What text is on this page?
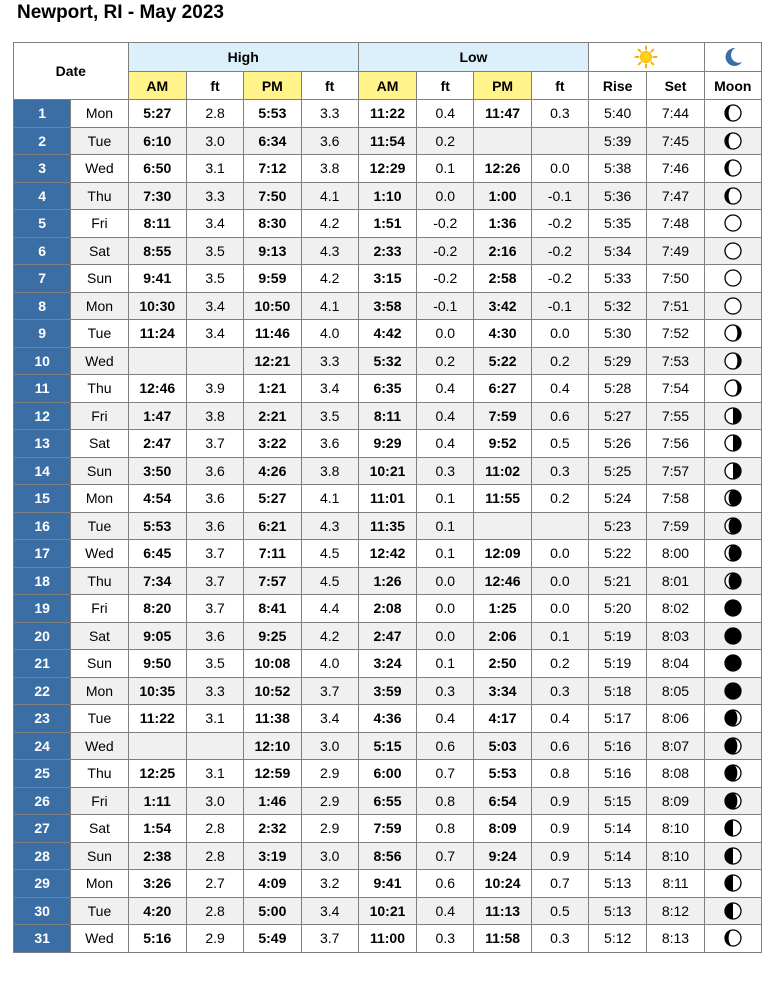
Newport, RI - May 2023
Date		High				Low	

		AM	ft	PM	ft	AM	ft	PM	ft	Rise	Set	Moon
1	Mon	5:27	2.8	5:53	3.3	11:22	0.4	11:47	0.3	5:40	7:44	

2	Tue	6:10	3.0	6:34	3.6	11:54	0.2			5:39	7:45	

3	Wed	6:50	3.1	7:12	3.8	12:29	0.1	12:26	0.0	5:38	7:46	

4	Thu	7:30	3.3	7:50	4.1	1:10	0.0	1:00	-0.1	5:36	7:47	

5	Fri	8:11	3.4	8:30	4.2	1:51	-0.2	1:36	-0.2	5:35	7:48	

6	Sat	8:55	3.5	9:13	4.3	2:33	-0.2	2:16	-0.2	5:34	7:49	

7	Sun	9:41	3.5	9:59	4.2	3:15	-0.2	2:58	-0.2	5:33	7:50	

8	Mon	10:30	3.4	10:50	4.1	3:58	-0.1	3:42	-0.1	5:32	7:51	

9	Tue	11:24	3.4	11:46	4.0	4:42	0.0	4:30	0.0	5:30	7:52	

10	Wed			12:21	3.3	5:32	0.2	5:22	0.2	5:29	7:53	

11	Thu	12:46	3.9	1:21	3.4	6:35	0.4	6:27	0.4	5:28	7:54	

12	Fri	1:47	3.8	2:21	3.5	8:11	0.4	7:59	0.6	5:27	7:55	

13	Sat	2:47	3.7	3:22	3.6	9:29	0.4	9:52	0.5	5:26	7:56	

14	Sun	3:50	3.6	4:26	3.8	10:21	0.3	11:02	0.3	5:25	7:57	

15	Mon	4:54	3.6	5:27	4.1	11:01	0.1	11:55	0.2	5:24	7:58	

16	Tue	5:53	3.6	6:21	4.3	11:35	0.1			5:23	7:59	

17	Wed	6:45	3.7	7:11	4.5	12:42	0.1	12:09	0.0	5:22	8:00	

18	Thu	7:34	3.7	7:57	4.5	1:26	0.0	12:46	0.0	5:21	8:01	

19	Fri	8:20	3.7	8:41	4.4	2:08	0.0	1:25	0.0	5:20	8:02	

20	Sat	9:05	3.6	9:25	4.2	2:47	0.0	2:06	0.1	5:19	8:03	

21	Sun	9:50	3.5	10:08	4.0	3:24	0.1	2:50	0.2	5:19	8:04	

22	Mon	10:35	3.3	10:52	3.7	3:59	0.3	3:34	0.3	5:18	8:05	

23	Tue	11:22	3.1	11:38	3.4	4:36	0.4	4:17	0.4	5:17	8:06	

24	Wed			12:10	3.0	5:15	0.6	5:03	0.6	5:16	8:07	

25	Thu	12:25	3.1	12:59	2.9	6:00	0.7	5:53	0.8	5:16	8:08	

26	Fri	1:11	3.0	1:46	2.9	6:55	0.8	6:54	0.9	5:15	8:09	

27	Sat	1:54	2.8	2:32	2.9	7:59	0.8	8:09	0.9	5:14	8:10	

28	Sun	2:38	2.8	3:19	3.0	8:56	0.7	9:24	0.9	5:14	8:10	

29	Mon	3:26	2.7	4:09	3.2	9:41	0.6	10:24	0.7	5:13	8:11	

30	Tue	4:20	2.8	5:00	3.4	10:21	0.4	11:13	0.5	5:13	8:12	

31	Wed	5:16	2.9	5:49	3.7	11:00	0.3	11:58	0.3	5:12	8:13	
